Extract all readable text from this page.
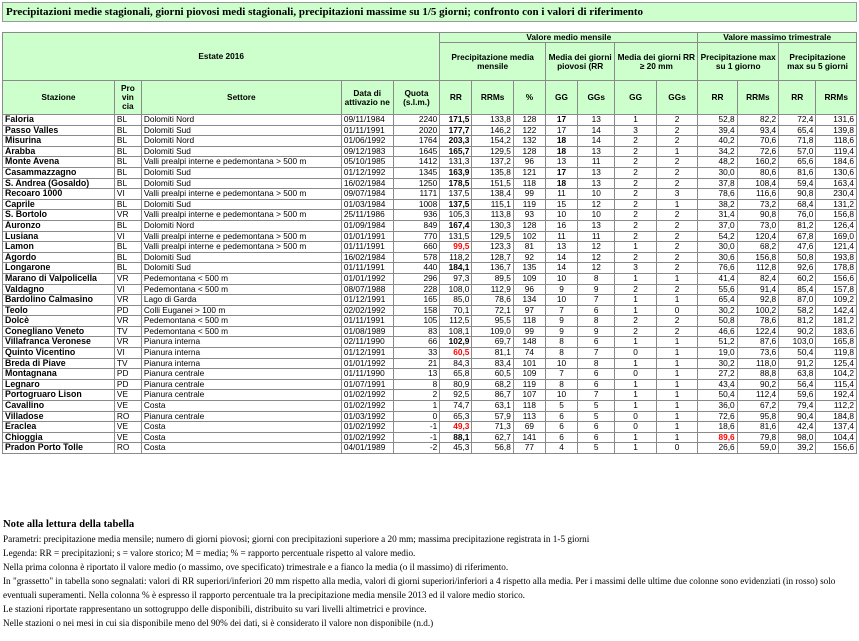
Precipitazioni medie stagionali, giorni piovosi medi stagionali, precipitazioni massime su 1/5 giorni; confronto con i valori di riferimento
Estate 2016					Valore medio mensile							Valore massimo trimestrale			
					Precipitazione media mensile			Media dei giorni piovosi (RR		Media dei giorni RR ≥ 20 mm		Precipitazione max su 1 giorno		Precipitazione max su 5 giorni	

Stazione	Pro vin cia	Settore	Data di attivazio ne	Quota (s.l.m.)	RR	RRMs	%	GG	GGs	GG	GGs	RR	RRMs	RR	RRMs
Faloria	BL	Dolomiti Nord	09/11/1984	2240	171,5	133,8	128	17	13	1	2	52,8	82,2	72,4	131,6
Passo Valles	BL	Dolomiti Sud	01/11/1991	2020	177,7	146,2	122	17	14	3	2	39,4	93,4	65,4	139,8
Misurina	BL	Dolomiti Nord	01/06/1992	1764	203,3	154,2	132	18	14	2	2	40,2	70,6	71,8	118,6
Arabba	BL	Dolomiti Sud	09/12/1983	1645	165,7	129,5	128	18	13	2	1	34,2	72,6	57,0	119,4
Monte Avena	BL	Valli prealpi interne e pedemontana > 500 m	05/10/1985	1412	131,3	137,2	96	13	11	2	2	48,2	160,2	65,6	184,6
Casammazzagno	BL	Dolomiti Sud	01/12/1992	1345	163,9	135,8	121	17	13	2	2	30,0	80,6	81,6	130,6
S. Andrea (Gosaldo)	BL	Dolomiti Sud	16/02/1984	1250	178,5	151,5	118	18	13	2	2	37,8	108,4	59,4	163,4
Recoaro 1000	VI	Valli prealpi interne e pedemontana > 500 m	09/07/1984	1171	137,5	138,4	99	11	10	2	3	78,6	116,6	90,8	230,4
Caprile	BL	Dolomiti Sud	01/03/1984	1008	137,5	115,1	119	15	12	2	1	38,2	73,2	68,4	131,2
S. Bortolo	VR	Valli prealpi interne e pedemontana > 500 m	25/11/1986	936	105,3	113,8	93	10	10	2	2	31,4	90,8	76,0	156,8
Auronzo	BL	Dolomiti Nord	01/09/1984	849	167,4	130,3	128	16	13	2	2	37,0	73,0	81,2	126,4
Lusiana	VI	Valli prealpi interne e pedemontana > 500 m	01/01/1991	770	131,5	129,5	102	11	11	2	2	54,2	120,4	67,8	169,0
Lamon	BL	Valli prealpi interne e pedemontana > 500 m	01/11/1991	660	99,5	123,3	81	13	12	1	2	30,0	68,2	47,6	121,4
Agordo	BL	Dolomiti Sud	16/02/1984	578	118,2	128,7	92	14	12	2	2	30,6	156,8	50,8	193,8
Longarone	BL	Dolomiti Sud	01/11/1991	440	184,1	136,7	135	14	12	3	2	76,6	112,8	92,6	178,8
Marano di Valpolicella	VR	Pedemontana < 500 m	01/01/1992	296	97,3	89,5	109	10	8	1	1	41,4	82,4	60,2	156,6
Valdagno	VI	Pedemontana < 500 m	08/07/1988	228	108,0	112,9	96	9	9	2	2	55,6	91,4	85,4	157,8
Bardolino Calmasino	VR	Lago di Garda	01/12/1991	165	85,0	78,6	134	10	7	1	1	65,4	92,8	87,0	109,2
Teolo	PD	Colli Euganei > 100 m	02/02/1992	158	70,1	72,1	97	7	6	1	0	30,2	100,2	58,2	142,4
Dolcè	VR	Pedemontana < 500 m	01/11/1991	105	112,5	95,5	118	9	8	2	2	50,8	78,6	81,2	181,2
Conegliano Veneto	TV	Pedemontana < 500 m	01/08/1989	83	108,1	109,0	99	9	9	2	2	46,6	122,4	90,2	183,6
Villafranca Veronese	VR	Pianura interna	02/11/1990	66	102,9	69,7	148	8	6	1	1	51,2	87,6	103,0	165,8
Quinto Vicentino	VI	Pianura interna	01/12/1991	33	60,5	81,1	74	8	7	0	1	19,0	73,6	50,4	119,8
Breda di Piave	TV	Pianura interna	01/01/1992	21	84,3	83,4	101	10	8	1	1	30,2	118,0	91,2	125,4
Montagnana	PD	Pianura centrale	01/11/1990	13	65,8	60,5	109	7	6	0	1	27,2	88,8	63,8	104,2
Legnaro	PD	Pianura centrale	01/07/1991	8	80,9	68,2	119	8	6	1	1	43,4	90,2	56,4	115,4
Portogruaro Lison	VE	Pianura centrale	01/02/1992	2	92,5	86,7	107	10	7	1	1	50,4	112,4	59,6	192,4
Cavallino	VE	Costa	01/02/1992	1	74,7	63,1	118	5	5	1	1	36,0	67,2	79,4	112,2
Villadose	RO	Pianura centrale	01/03/1992	0	65,3	57,9	113	6	5	0	1	72,6	95,8	90,4	184,8
Eraclea	VE	Costa	01/02/1992	-1	49,3	71,3	69	6	6	0	1	18,6	81,6	42,4	137,4
Chioggia	VE	Costa	01/02/1992	-1	88,1	62,7	141	6	6	1	1	89,6	79,8	98,0	104,4
Pradon Porto Tolle	RO	Costa	04/01/1989	-2	45,3	56,8	77	4	5	1	0	26,6	59,0	39,2	156,6
Note alla lettura della tabella
Parametri: precipitazione media mensile; numero di giorni piovosi; giorni con precipitazioni superiore a 20 mm; massima precipitazione registrata in 1-5 giorni
Legenda: RR = precipitazioni; s = valore storico; M = media; % = rapporto percentuale rispetto al valore medio.
Nella prima colonna è riportato il valore medio (o massimo, ove specificato) trimestrale e a fianco la media (o il massimo) di riferimento.
In "grassetto" in tabella sono segnalati: valori di RR superiori/inferiori 20 mm rispetto alla media, valori di giorni superiori/inferiori a 4 rispetto alla media. Per i massimi delle ultime due colonne sono evidenziati (in rosso) solo eventuali superamenti. Nella colonna % è espresso il rapporto percentuale tra la precipitazione media mensile 2013 ed il valore medio storico.
Le stazioni riportate rappresentano un sottogruppo delle disponibili, distribuito su vari livelli altimetrici e province.
Nelle stazioni o nei mesi in cui sia disponibile meno del 90% dei dati, si è considerato il valore non disponibile (n.d.)
